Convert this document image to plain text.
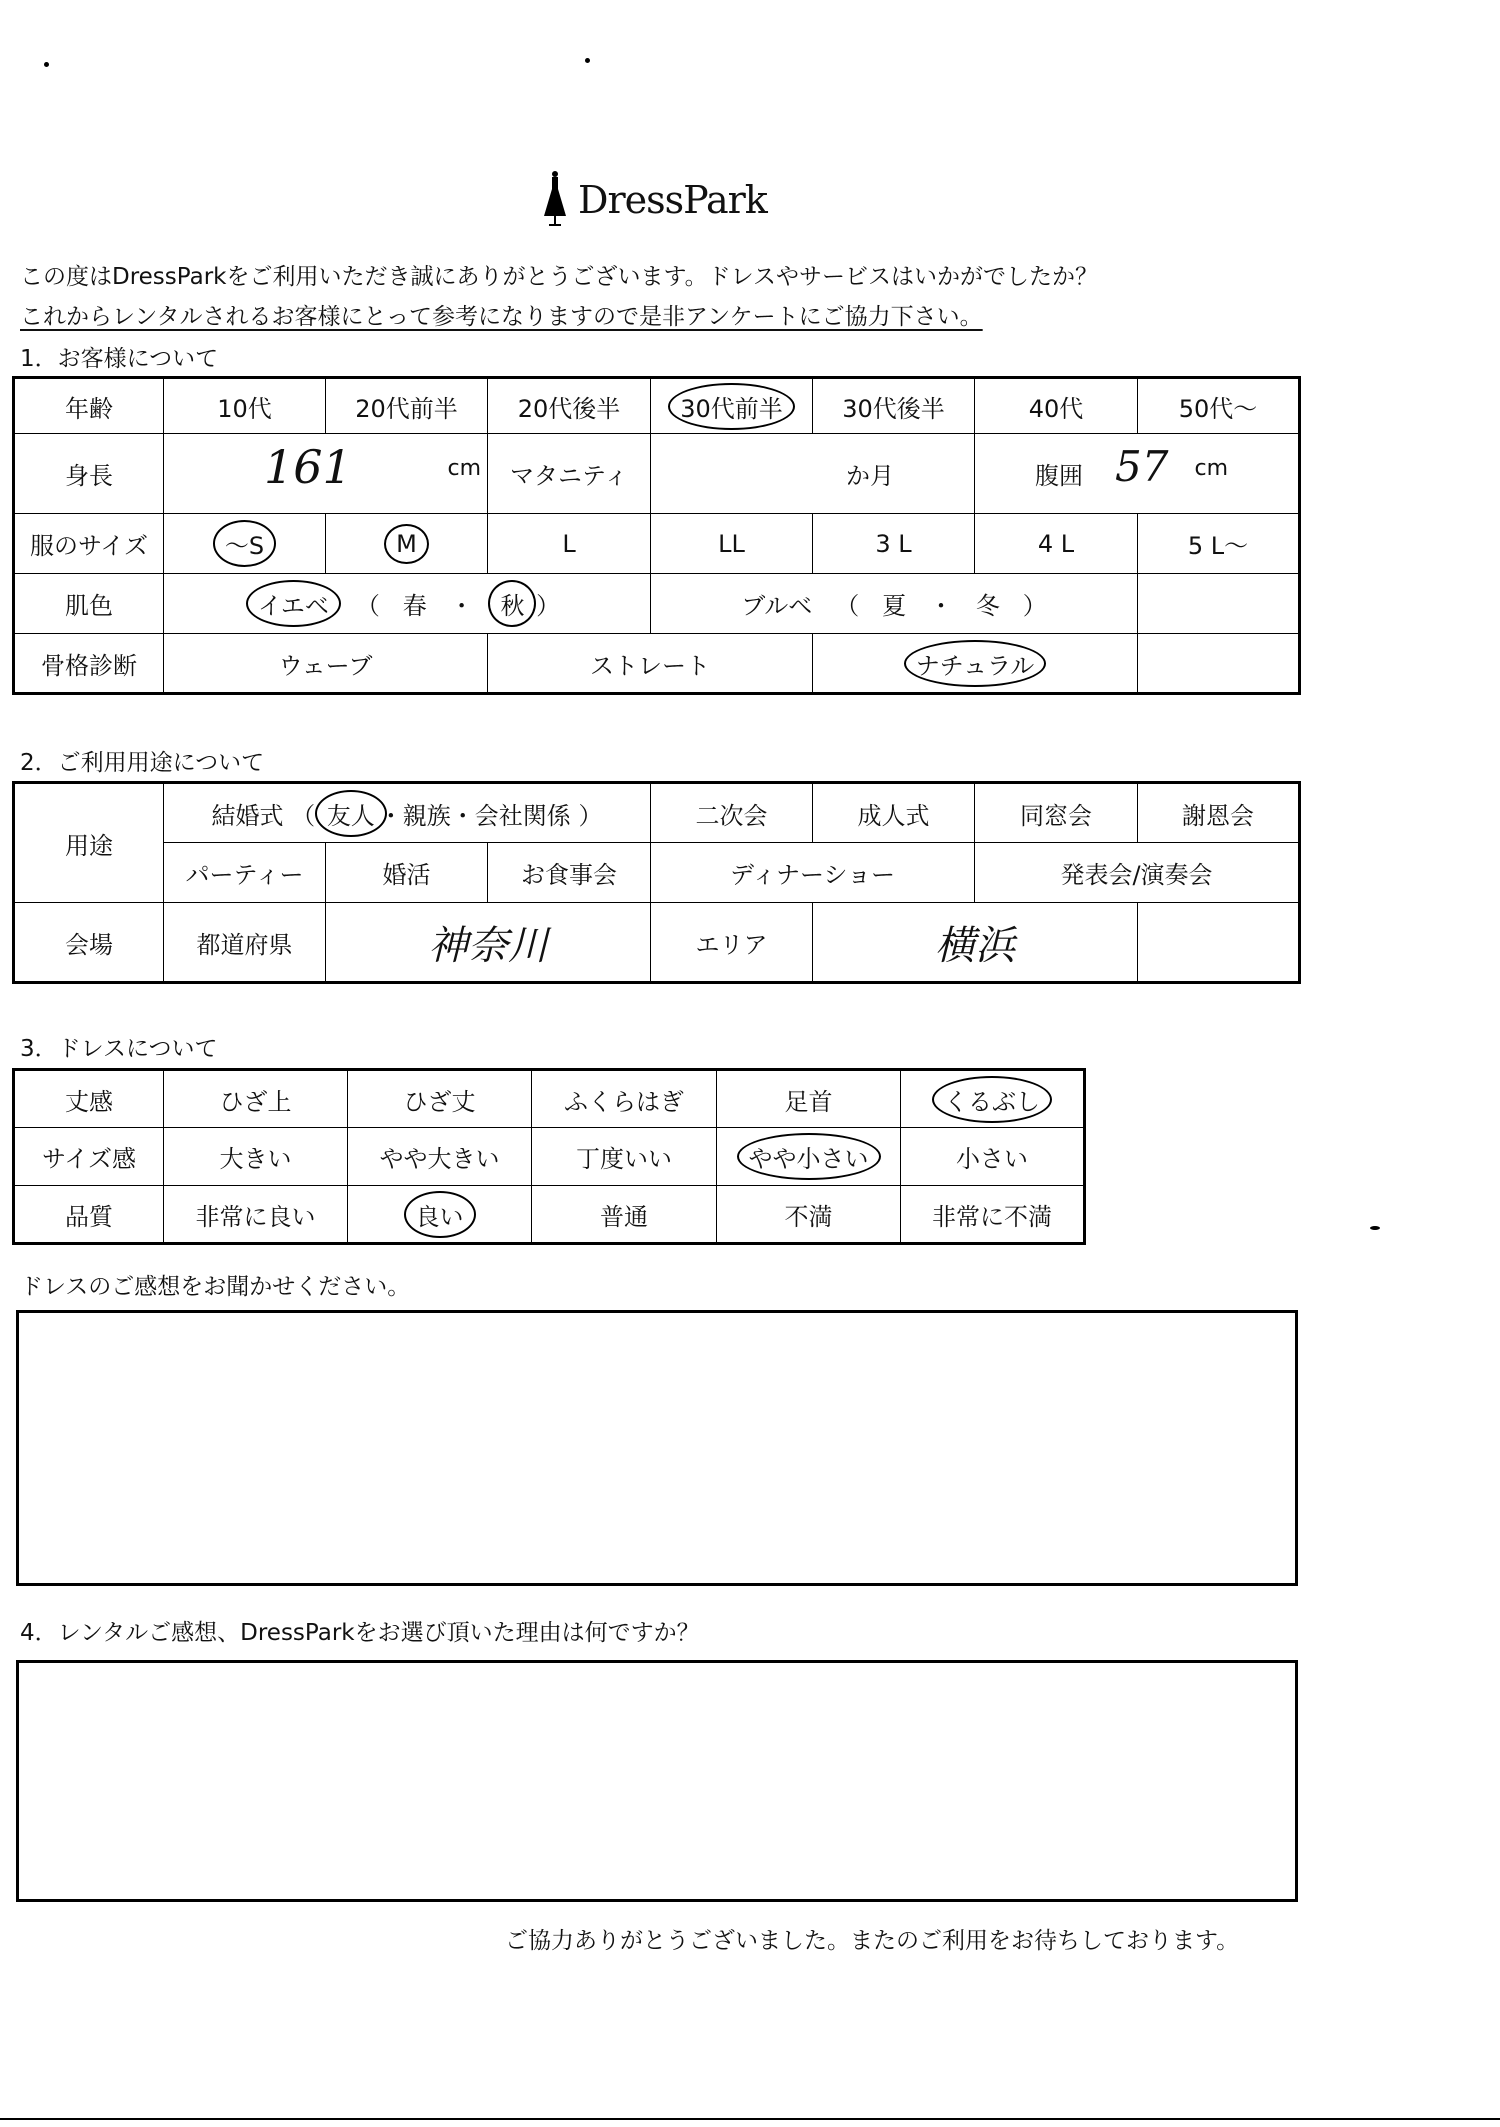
DressPark
この度はDressParkをご利用いただき誠にありがとうございます。ドレスやサービスはいかがでしたか？
これからレンタルされるお客様にとって参考になりますので是非アンケートにご協力下さい。
1．お客様について
年齢	10代	20代前半	20代後半	30代前半	30代後半	40代	50代～
身長	161 cm		マタニティ	か月		腹囲 57 cm	

服のサイズ	～S	M	L	LL	3 L	4 L	5 L～
肌色	イエベ （ 春 ・ 秋 ）			ブルベ （ 夏 ・ 冬 ）			
骨格診断	ウェーブ		ストレート		ナチュラル		
2．ご利用用途について
用途	結婚式 （ 友人 ・親族・会社関係 ）			二次会	成人式	同窓会	謝恩会
	パーティー	婚活	お食事会	ディナーショー		発表会/演奏会	
会場	都道府県	神奈川		エリア	横浜		
3．ドレスについて
丈感	ひざ上	ひざ丈	ふくらはぎ	足首	くるぶし
サイズ感	大きい	やや大きい	丁度いい	やや小さい	小さい
品質	非常に良い	良い	普通	不満	非常に不満
ドレスのご感想をお聞かせください。
4．レンタルご感想、DressParkをお選び頂いた理由は何ですか？
ご協力ありがとうございました。またのご利用をお待ちしております。
